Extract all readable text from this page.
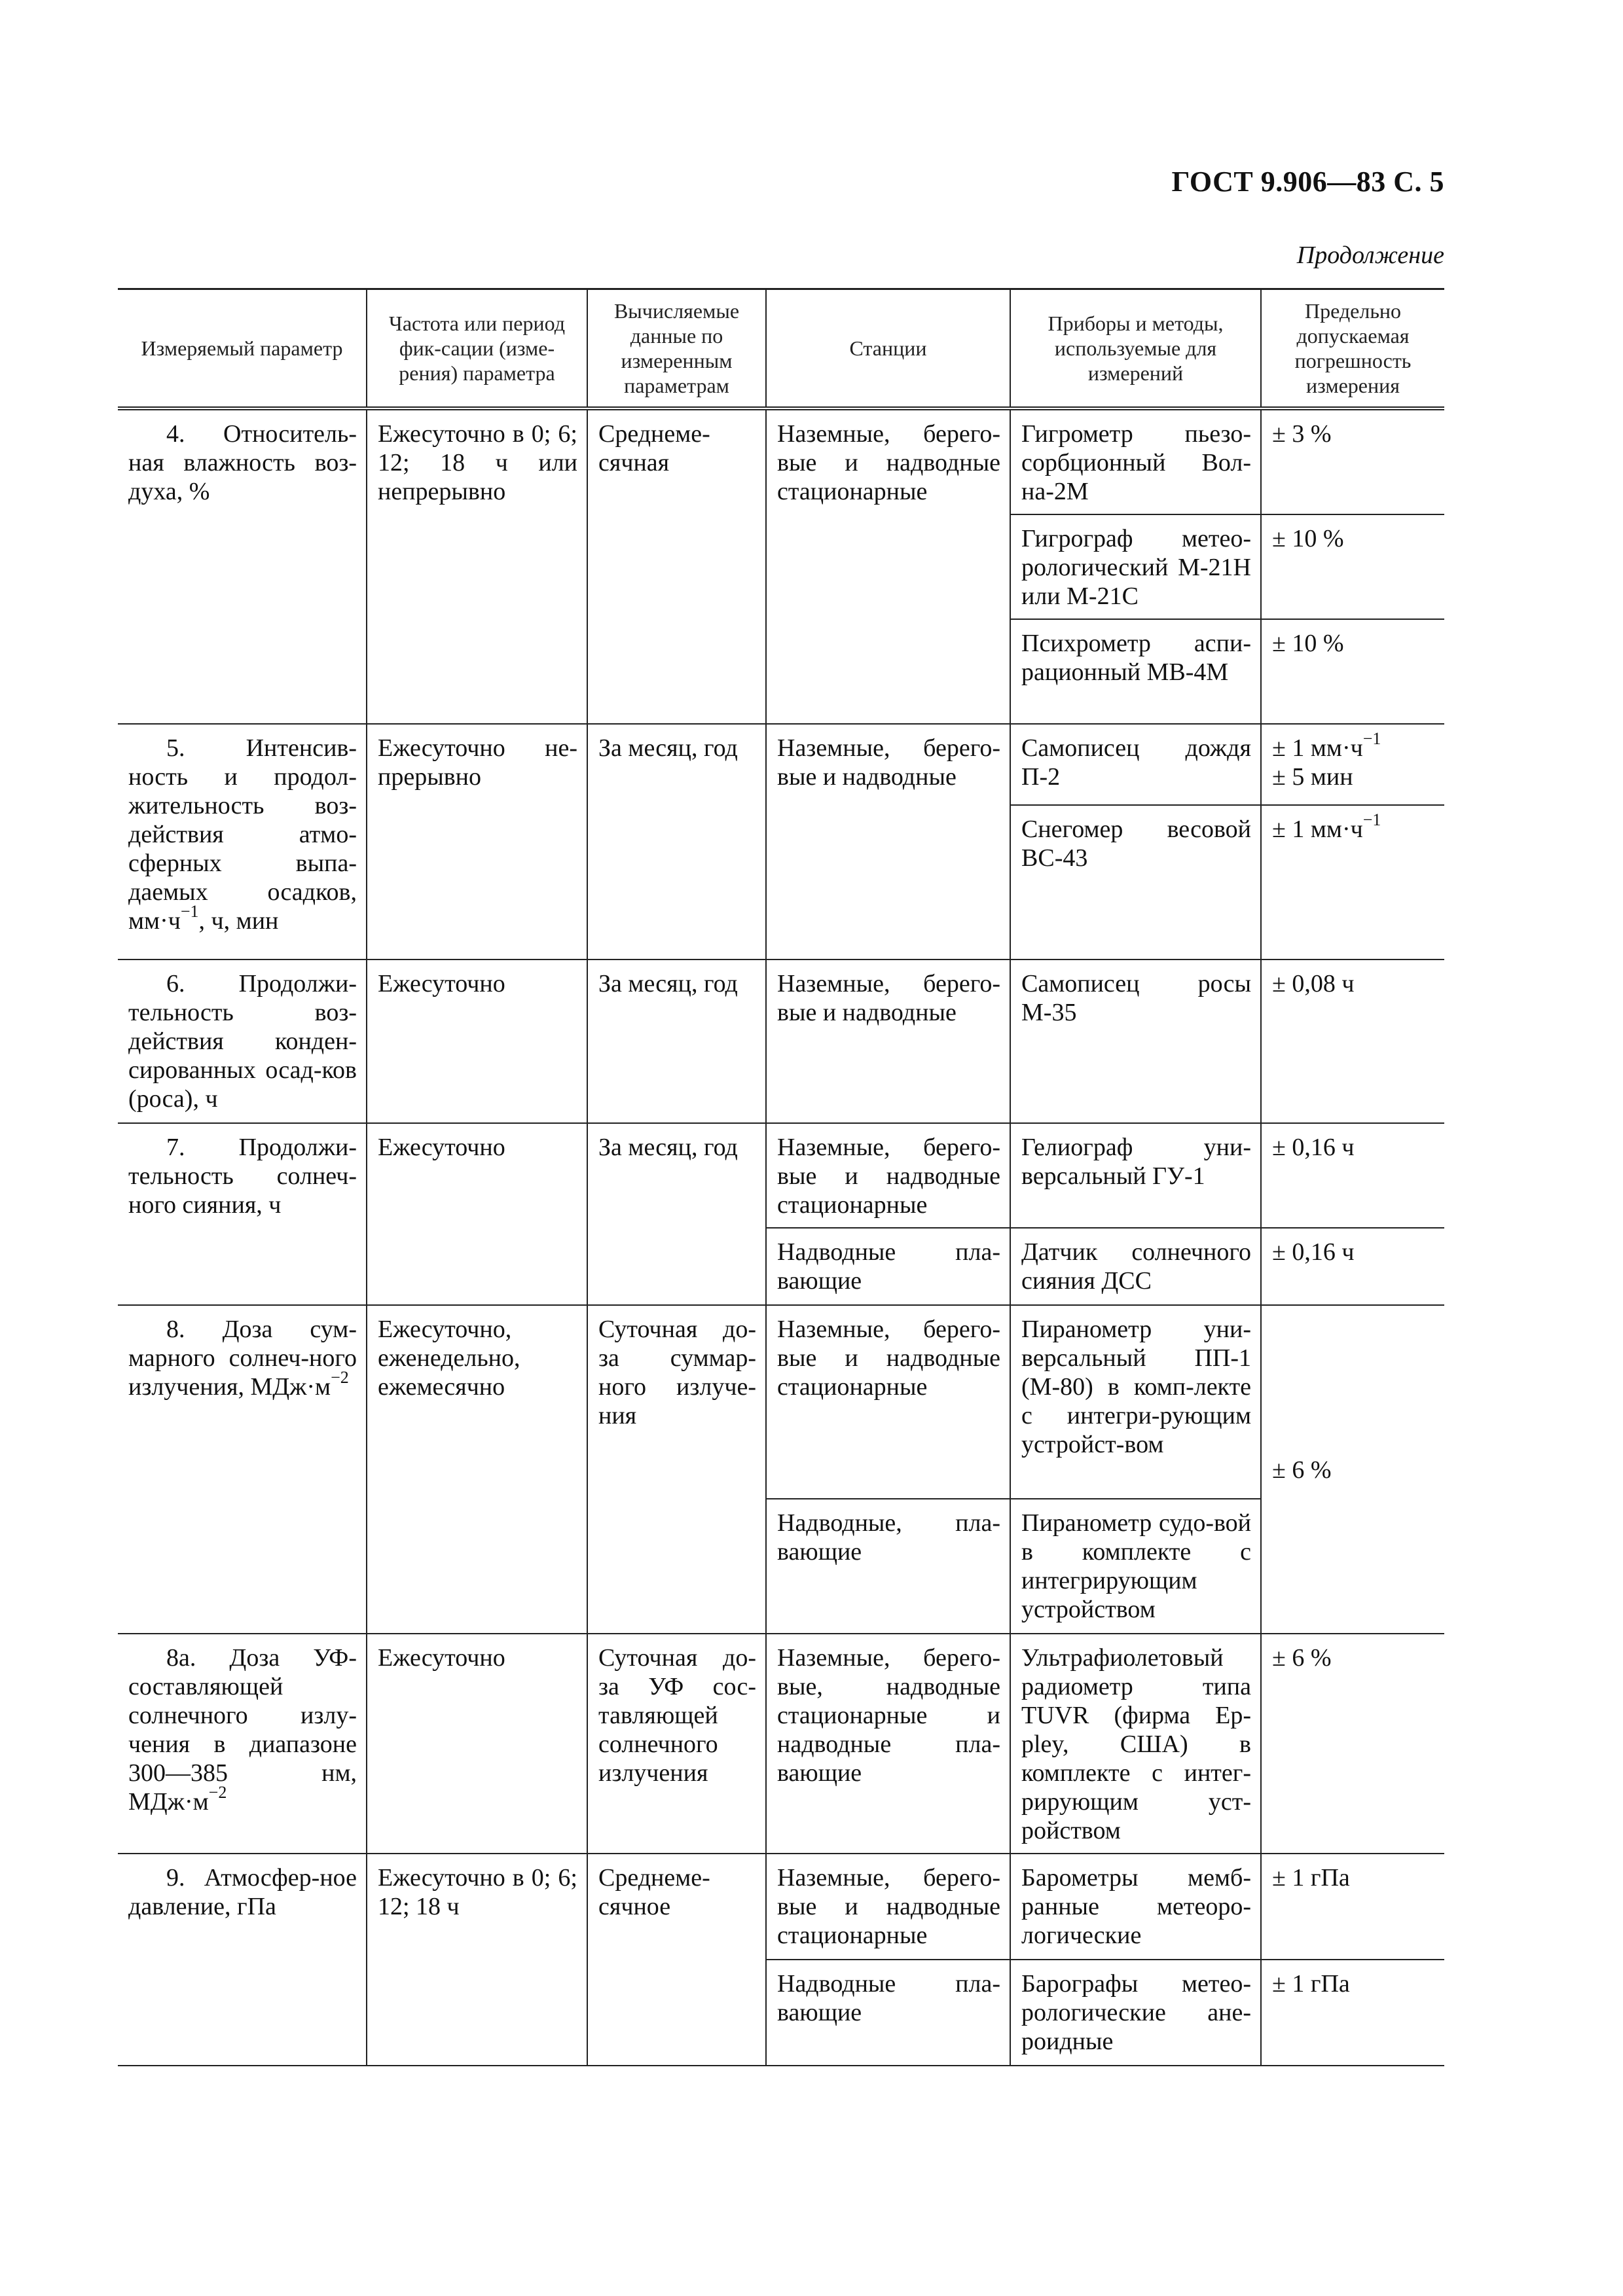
ГОСТ 9.906—83 С. 5
Продолжение
Измеряемый параметр	Частота или период фик-сации (изме-рения) параметра	Вычисляемые данные по измеренным параметрам	Станции	Приборы и методы, используемые для измерений	Предельно допускаемая погрешность измерения

4. Относитель-ная влажность воз-духа, %	Ежесуточно в 0; 6; 12; 18 ч или непрерывно	Среднеме-сячная	Наземные, берего-вые и надводные стационарные	Гигрометр пьезо-сорбционный Вол-на-2М	± 3 %
				Гигрограф метео-рологический М-21Н или М-21С	± 10 %
				Психрометр аспи-рационный МВ-4М	± 10 %

5. Интенсив-ность и продол-жительность воз-действия атмо-сферных выпа-даемых осадков, $мм\cdot ч^{-1}$, ч, мин	Ежесуточно не-прерывно	За месяц, год	Наземные, берего-вые и надводные	Самописец дождя П-2	± 1 $мм\cdot ч^{-1}$
± 5 мин

				Снегомер весовой ВС-43	± 1 $мм\cdot ч^{-1}$

6. Продолжи-тельность воз-действия конден-сированных осад-ков (роса), ч	Ежесуточно	За месяц, год	Наземные, берего-вые и надводные	Самописец росы М-35	± 0,08 ч

7. Продолжи-тельность солнеч-ного сияния, ч	Ежесуточно	За месяц, год	Наземные, берего-вые и надводные стационарные	Гелиограф уни-версальный ГУ-1	± 0,16 ч
			Надводные пла-вающие	Датчик солнечного сияния ДСС	± 0,16 ч

8. Доза сум-марного солнеч-ного излучения, $МДж\cdot м^{-2}$	Ежесуточно, еженедельно, ежемесячно	Суточная до-за суммар-ного излуче-ния	Наземные, берего-вые и надводные стационарные	Пиранометр уни-версальный ПП-1 (М-80) в комп-лекте с интегри-рующим устройст-вом	± 6 %
			Надводные, пла-вающие	Пиранометр судо-вой в комплекте с интегрирующим устройством	

8а. Доза УФ-составляющей солнечного излу-чения в диапазоне 300—385 нм, $МДж\cdot м^{-2}$	Ежесуточно	Суточная до-за УФ сос-тавляющей солнечного излучения	Наземные, берего-вые, надводные стационарные и надводные пла-вающие	Ультрафиолетовый радиометр типа TUVR (фирма Ep-pley, США) в комплекте с интег-рирующим уст-ройством	± 6 %

9. Атмосфер-ное давление, гПа	Ежесуточно в 0; 6; 12; 18 ч	Среднеме-сячное	Наземные, берего-вые и надводные стационарные	Барометры мемб-ранные метеоро-логические	± 1 гПа
			Надводные пла-вающие	Барографы метео-рологические ане-роидные	± 1 гПа
